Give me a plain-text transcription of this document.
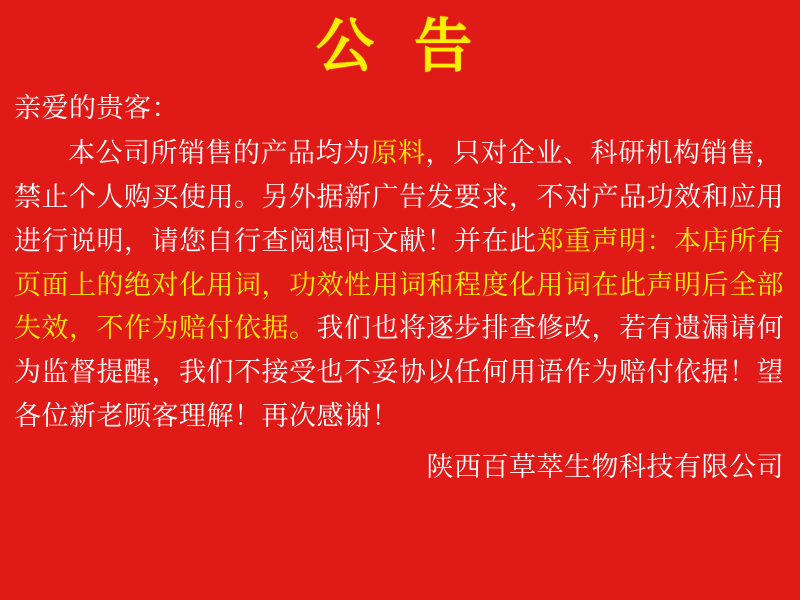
公 告

亲爱的贵客：

本公司所销售的产品均为原料，只对企业、科研机构销售，禁止个人购买使用。另外据新广告发要求，不对产品功效和应用进行说明，请您自行查阅想问文献！并在此郑重声明：本店所有页面上的绝对化用词，功效性用词和程度化用词在此声明后全部失效，不作为赔付依据。我们也将逐步排查修改，若有遗漏请何为监督提醒，我们不接受也不妥协以任何用语作为赔付依据！望各位新老顾客理解！再次感谢！

陕西百草萃生物科技有限公司
